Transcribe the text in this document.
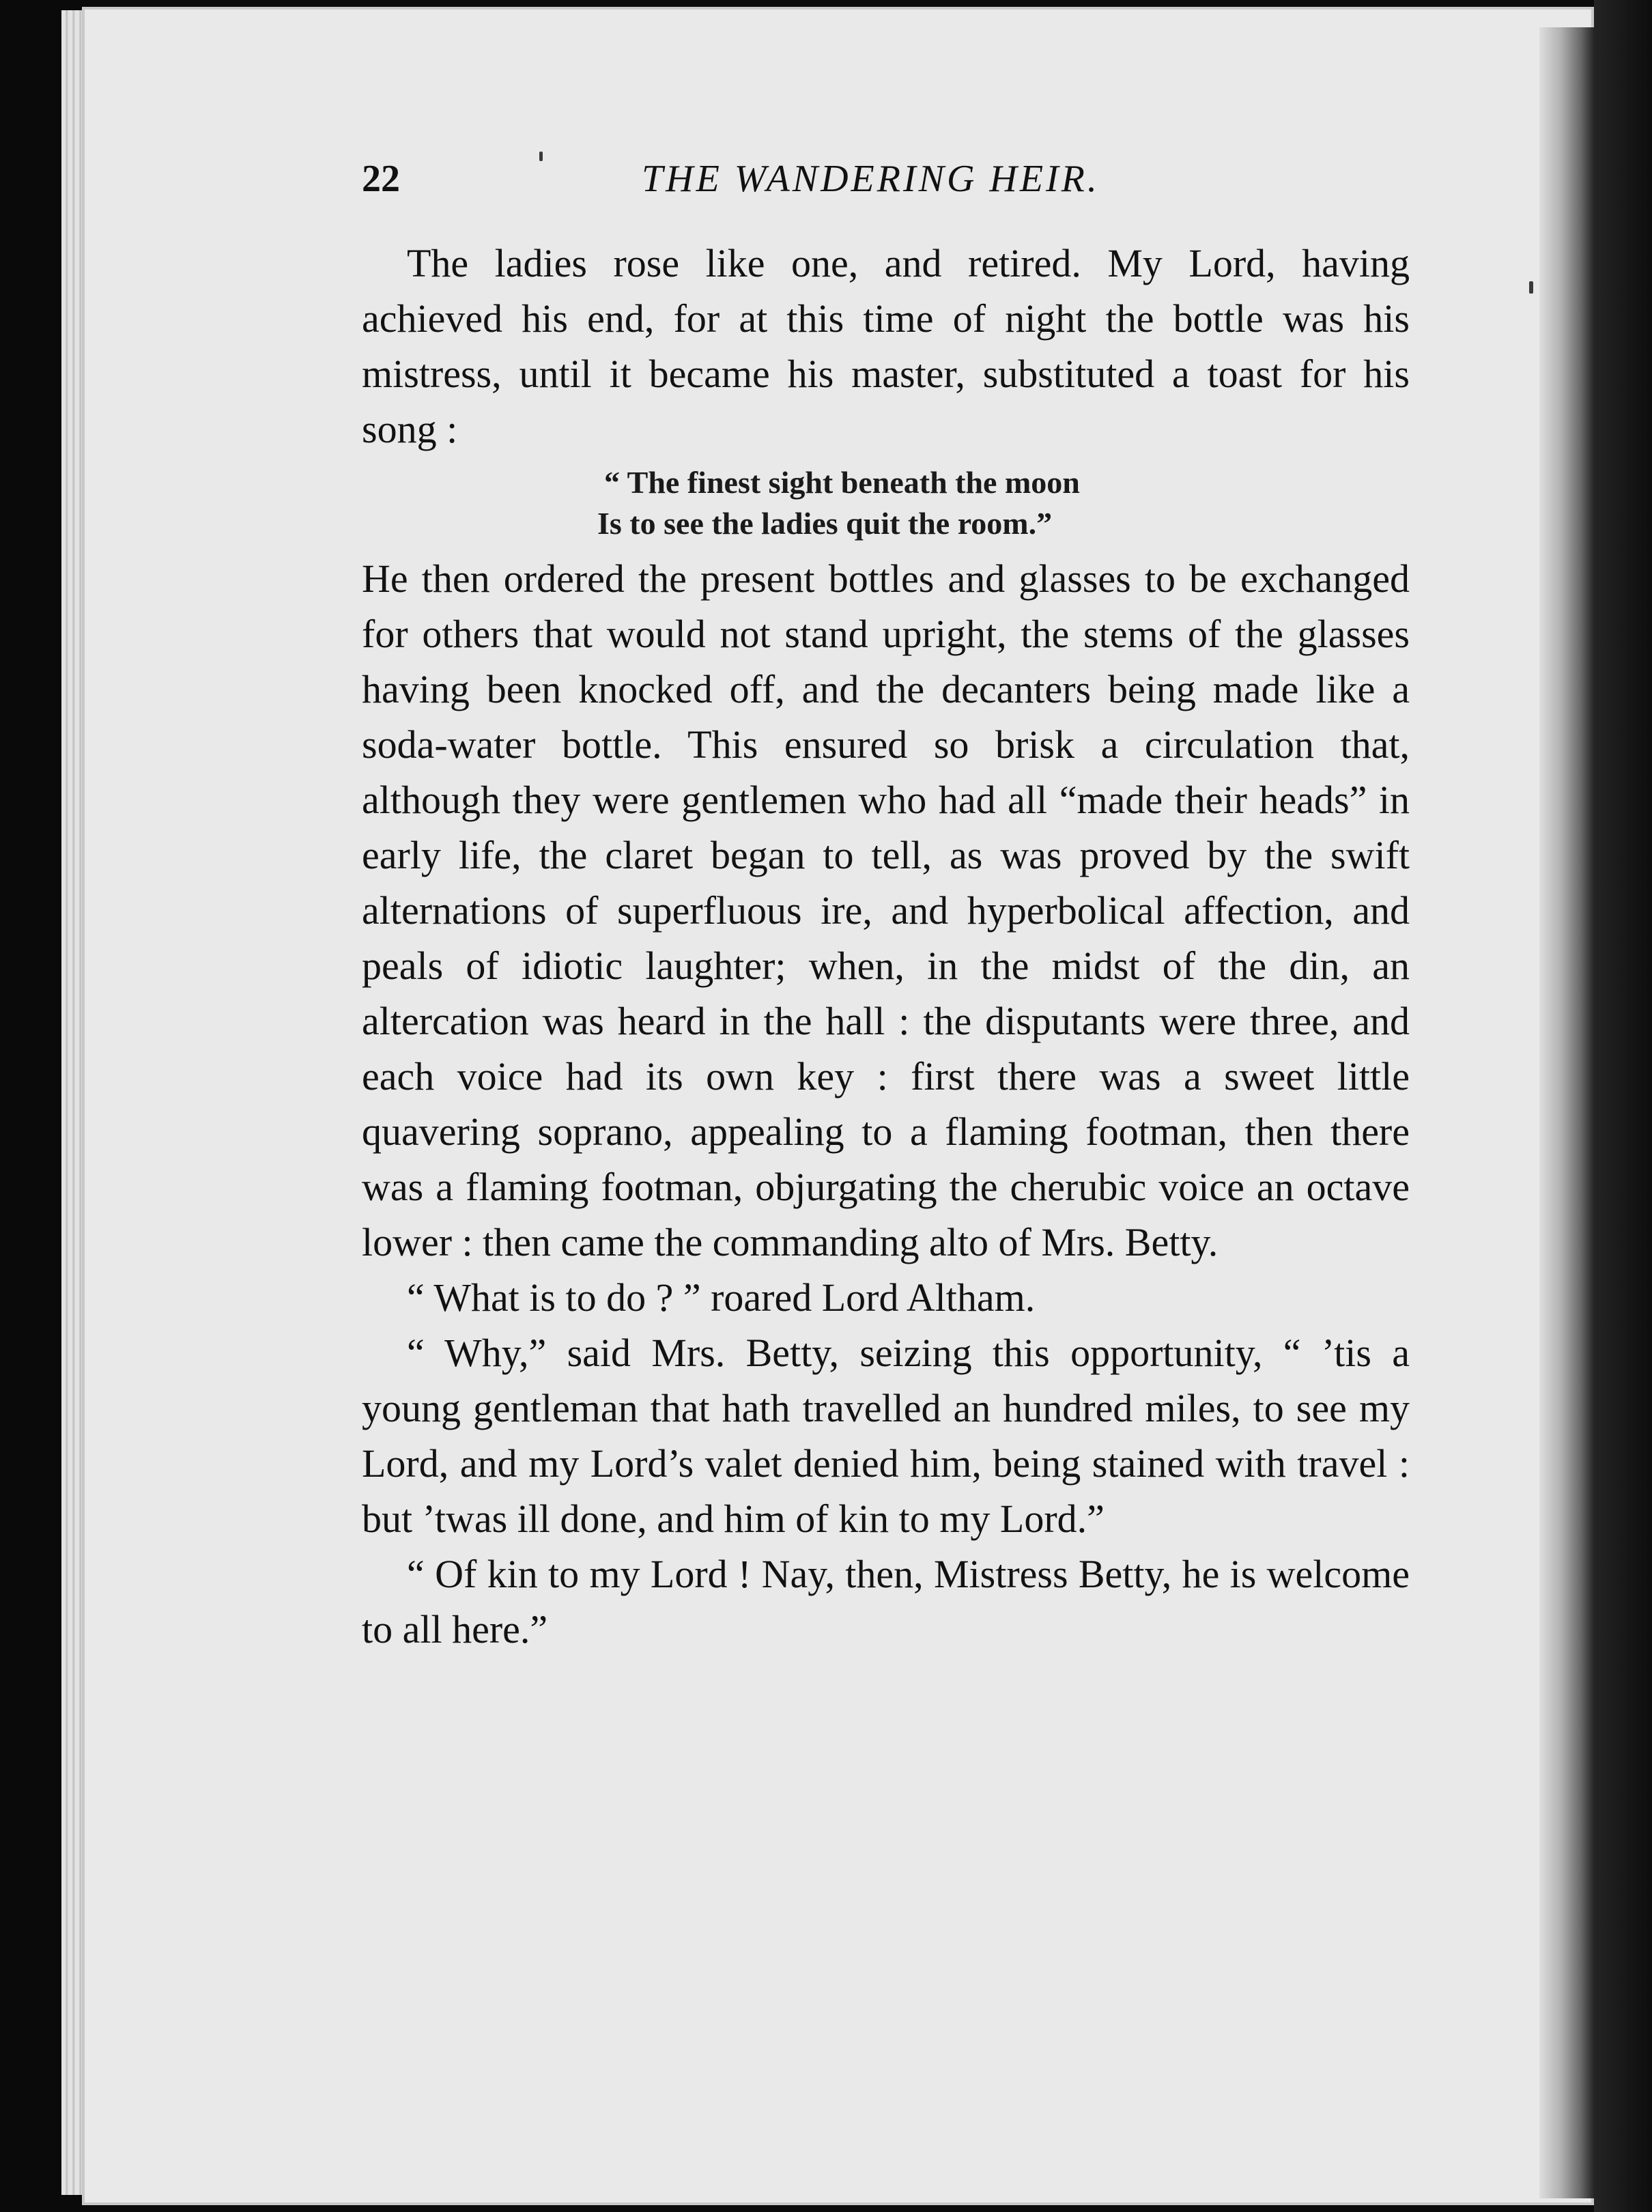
22	THE WANDERING HEIR.

The ladies rose like one, and retired. My Lord, having achieved his end, for at this time of night the bottle was his mistress, until it became his master, substituted a toast for his song :

“ The finest sight beneath the moon
Is to see the ladies quit the room.”

He then ordered the present bottles and glasses to be exchanged for others that would not stand upright, the stems of the glasses having been knocked off, and the decanters being made like a soda-water bottle. This ensured so brisk a circulation that, although they were gentlemen who had all “made their heads” in early life, the claret began to tell, as was proved by the swift alternations of superfluous ire, and hyperbolical affection, and peals of idiotic laughter; when, in the midst of the din, an altercation was heard in the hall : the disputants were three, and each voice had its own key : first there was a sweet little quavering soprano, appealing to a flaming footman, then there was a flaming footman, objurgating the cherubic voice an octave lower : then came the commanding alto of Mrs. Betty.

“ What is to do ? ” roared Lord Altham.

“ Why,” said Mrs. Betty, seizing this opportunity, “ ’tis a young gentleman that hath travelled an hundred miles, to see my Lord, and my Lord’s valet denied him, being stained with travel : but ’twas ill done, and him of kin to my Lord.”

“ Of kin to my Lord ! Nay, then, Mistress Betty, he is welcome to all here.”
